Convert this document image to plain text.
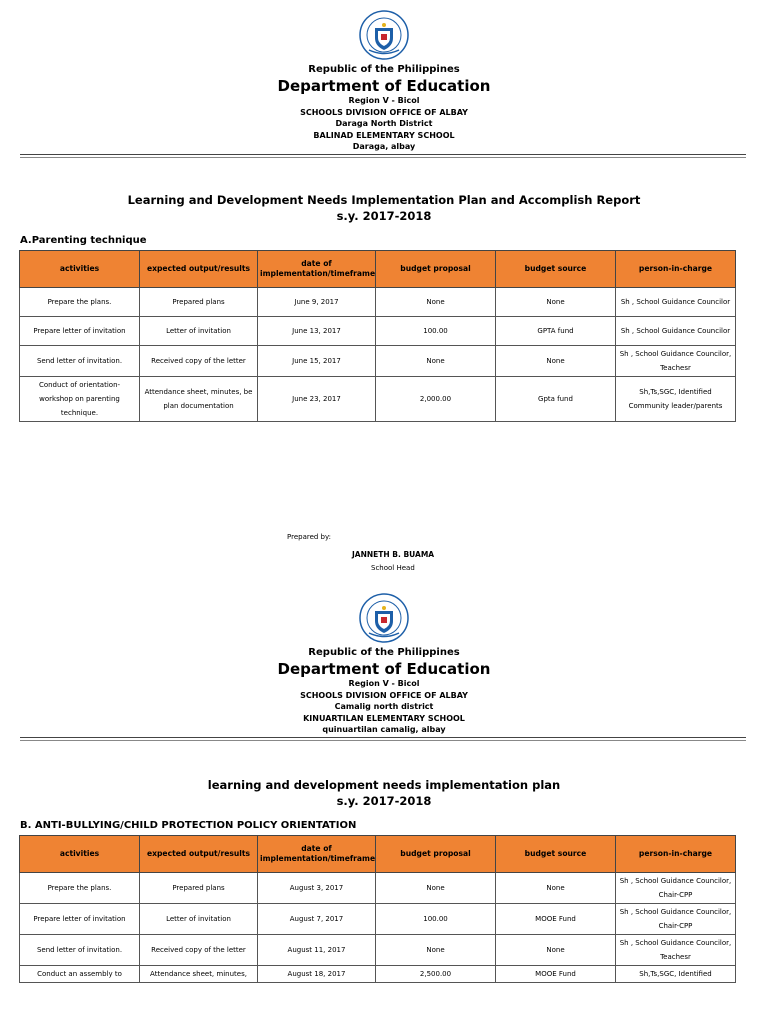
Republic of the Philippines
Department of Education
Region V - Bicol
SCHOOLS DIVISION OFFICE OF ALBAY
Daraga North District
BALINAD ELEMENTARY SCHOOL
Daraga, albay
Learning and Development Needs Implementation Plan and Accomplish Report
s.y. 2017-2018
A.Parenting technique
activities	expected output/results	date of implementation/timeframe	budget proposal	budget source	person-in-charge
Prepare the plans.	Prepared plans	June 9, 2017	None	None	Sh , School Guidance Councilor
Prepare letter of invitation	Letter of invitation	June 13, 2017	100.00	GPTA fund	Sh , School Guidance Councilor
Send letter of invitation.	Received copy of the letter	June 15, 2017	None	None	Sh , School Guidance Councilor, Teachesr
Conduct of orientation-workshop on parenting technique.	Attendance sheet, minutes, be plan documentation	June 23, 2017	2,000.00	Gpta fund	Sh,Ts,SGC, Identified Community leader/parents
Prepared by:
JANNETH B. BUAMA
School Head
Republic of the Philippines
Department of Education
Region V - Bicol
SCHOOLS DIVISION OFFICE OF ALBAY
Camalig north district
KINUARTILAN ELEMENTARY SCHOOL
quinuartilan camalig, albay
learning and development needs implementation plan
s.y. 2017-2018
B. ANTI-BULLYING/CHILD PROTECTION POLICY ORIENTATION
activities	expected output/results	date of implementation/timeframe	budget proposal	budget source	person-in-charge
Prepare the plans.	Prepared plans	August 3, 2017	None	None	Sh , School Guidance Councilor, Chair-CPP
Prepare letter of invitation	Letter of invitation	August 7, 2017	100.00	MOOE Fund	Sh , School Guidance Councilor, Chair-CPP
Send letter of invitation.	Received copy of the letter	August 11, 2017	None	None	Sh , School Guidance Councilor, Teachesr
Conduct an assembly to	Attendance sheet, minutes,	August 18, 2017	2,500.00	MOOE Fund	Sh,Ts,SGC, Identified
